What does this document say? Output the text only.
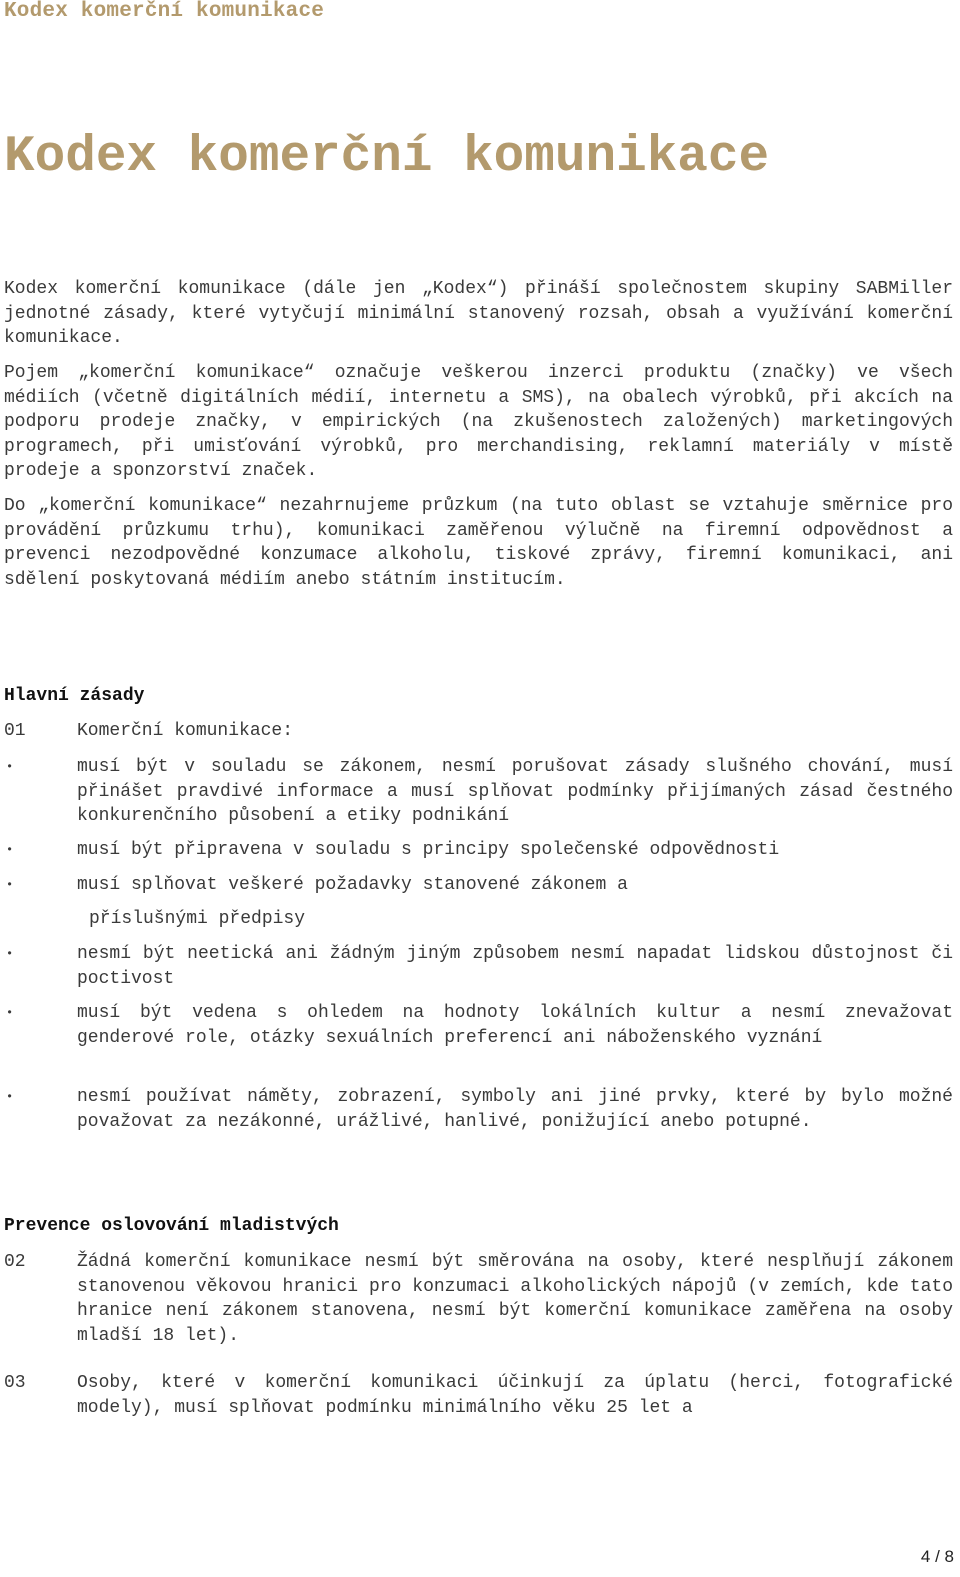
Kodex komerční komunikace
Kodex komerční komunikace

Kodex komerční komunikace (dále jen „Kodex“) přináší společnostem skupiny SABMiller jednotné zásady, které vytyčují minimální stanovený rozsah, obsah a využívání komerční komunikace.

Pojem „komerční komunikace“ označuje veškerou inzerci produktu (značky) ve všech médiích (včetně digitálních médií, internetu a SMS), na obalech výrobků, při akcích na podporu prodeje značky, v empirických (na zkušenostech založených) marketingových programech, při umisťování výrobků, pro merchandising, reklamní materiály v místě prodeje a sponzorství značek.

Do „komerční komunikace“ nezahrnujeme průzkum (na tuto oblast se vztahuje směrnice pro provádění průzkumu trhu), komunikaci zaměřenou výlučně na firemní odpovědnost a prevenci nezodpovědné konzumace alkoholu, tiskové zprávy, firemní komunikaci, ani sdělení poskytovaná médiím anebo státním institucím.

Hlavní zásady
01	Komerční komunikace:
•	musí být v souladu se zákonem, nesmí porušovat zásady slušného chování, musí přinášet pravdivé informace a musí splňovat podmínky přijímaných zásad čestného konkurenčního působení a etiky podnikání
•	musí být připravena v souladu s principy společenské odpovědnosti
•	musí splňovat veškeré požadavky stanovené zákonem a
příslušnými předpisy
•	nesmí být neetická ani žádným jiným způsobem nesmí napadat lidskou důstojnost či poctivost
•	musí být vedena s ohledem na hodnoty lokálních kultur a nesmí znevažovat genderové role, otázky sexuálních preferencí ani náboženského vyznání
•	nesmí používat náměty, zobrazení, symboly ani jiné prvky, které by bylo možné považovat za nezákonné, urážlivé, hanlivé, ponižující anebo potupné.
Prevence oslovování mladistvých
02	Žádná komerční komunikace nesmí být směrována na osoby, které nesplňují zákonem stanovenou věkovou hranici pro konzumaci alkoholických nápojů (v zemích, kde tato hranice není zákonem stanovena, nesmí být komerční komunikace zaměřena na osoby mladší 18 let).
03	Osoby, které v komerční komunikaci účinkují za úplatu (herci, fotografické modely), musí splňovat podmínku minimálního věku 25 let a
4 / 8
